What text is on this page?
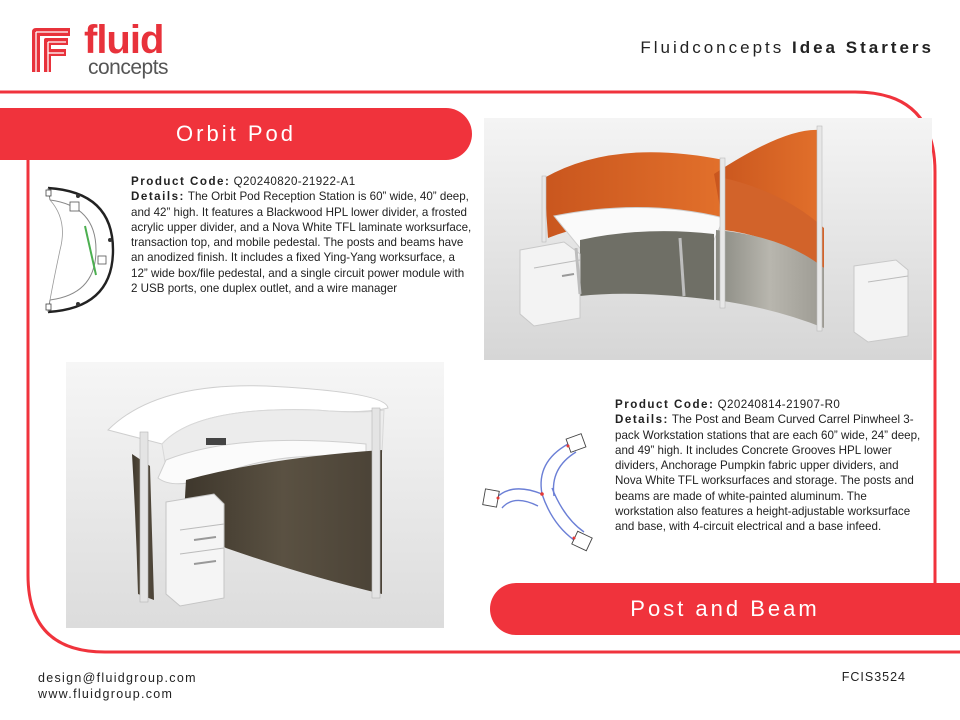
fluid
concepts
Fluidconcepts Idea Starters
Orbit Pod
Product Code: Q20240820-21922-A1
Details: The Orbit Pod Reception Station is 60” wide, 40” deep, and 42” high. It features a Blackwood HPL lower divider, a frosted acrylic upper divider, and a Nova White TFL laminate worksurface, transaction top, and mobile pedestal. The posts and beams have an anodized finish. It includes a fixed Ying-Yang worksurface, a 12” wide box/file pedestal, and a single circuit power module with 2 USB ports, one duplex outlet, and a wire manager
Product Code: Q20240814-21907-R0
Details: The Post and Beam Curved Carrel Pinwheel 3-pack Workstation stations that are each 60” wide, 24” deep, and 49” high. It includes Concrete Grooves HPL lower dividers, Anchorage Pumpkin fabric upper dividers, and Nova White TFL worksurfaces and storage. The posts and beams are made of white-painted aluminum. The workstation also features a height-adjustable worksurface and base, with 4-circuit electrical and a base infeed.
Post and Beam
design@fluidgroup.com
www.fluidgroup.com
FCIS3524
